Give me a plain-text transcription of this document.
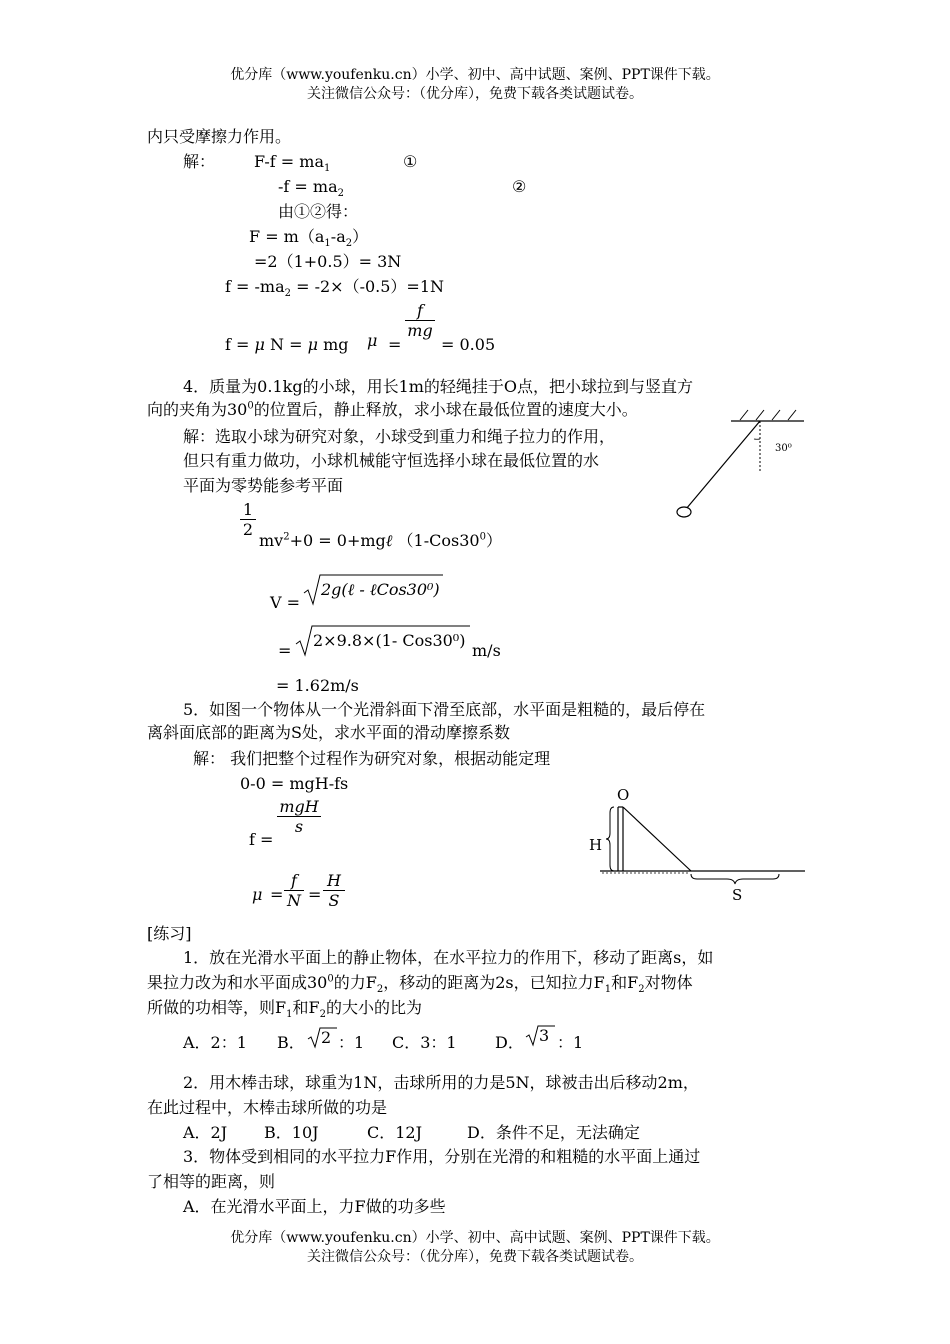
优分库（www.youfenku.cn）小学、初中、高中试题、案例、PPT课件下载。
关注微信公众号：（优分库），免费下载各类试题试卷。
内只受摩擦力作用。
解： $F-f = ma_1$	①
$-f = ma_2$	②
由①②得：
$F = m(a_1-a_2)$
=2（1+0.5）= 3N
$f = -ma_2 = -2\times(-0.5)=1N$
f = μ N = μ mg μ =
f
mg
= 0.05
4．质量为0.1kg的小球，用长1m的轻绳挂于O点，把小球拉到与竖直方
向的夹角为$30^0$的位置后，静止释放，求小球在最低位置的速度大小。
解：选取小球为研究对象，小球受到重力和绳子拉力的作用，
但只有重力做功，小球机械能守恒选择小球在最低位置的水
平面为零势能参考平面
30⁰
1
2
$mv^2+0$ = 0+mgℓ $(1-Cos30^0)$
V =
2g(ℓ - ℓCos30⁰)
=
2×9.8×(1- Cos30⁰)
m/s
= 1.62m/s
5．如图一个物体从一个光滑斜面下滑至底部，水平面是粗糙的，最后停在
离斜面底部的距离为S处，求水平面的滑动摩擦系数
解： 我们把整个过程作为研究对象，根据动能定理
0-0 = mgH-fs
f =
mgH
s
μ =
f
N =
H
S
O
H
S
[练习]
1．放在光滑水平面上的静止物体，在水平拉力的作用下，移动了距离s，如
果拉力改为和水平面成$30^0$的力$F_2$，移动的距离为2s，已知拉力$F_1$和$F_2$对物体
所做的功相等，则$F_1$和$F_2$的大小的比为
A．2：1 B． 2 ：1 C．3：1 D． 3 ：1
2．用木棒击球，球重为1N，击球所用的力是5N，球被击出后移动2m，
在此过程中，木棒击球所做的功是
A．2J B．10J	C．12J	D．条件不足，无法确定
3．物体受到相同的水平拉力F作用，分别在光滑的和粗糙的水平面上通过
了相等的距离，则
A．在光滑水平面上，力F做的功多些
优分库（www.youfenku.cn）小学、初中、高中试题、案例、PPT课件下载。
关注微信公众号：（优分库），免费下载各类试题试卷。
